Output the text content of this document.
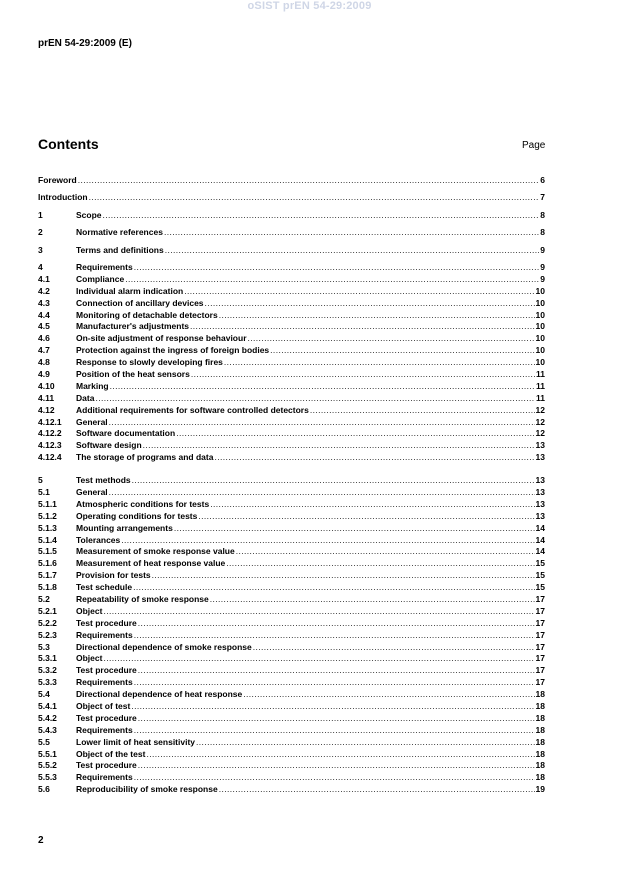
oSIST prEN 54-29:2009
prEN 54-29:2009 (E)
Contents	Page
Foreword .....	6
Introduction .....	7
1	Scope .....	8
2	Normative references .....	8
3	Terms and definitions .....	9
4	Requirements .....	9
4.1	Compliance .....	9
4.2	Individual alarm indication .....	10
4.3	Connection of ancillary devices .....	10
4.4	Monitoring of detachable detectors .....	10
4.5	Manufacturer's adjustments .....	10
4.6	On-site adjustment of response behaviour .....	10
4.7	Protection against the ingress of foreign bodies .....	10
4.8	Response to slowly developing fires .....	10
4.9	Position of the heat sensors .....	11
4.10	Marking .....	11
4.11	Data .....	11
4.12	Additional requirements for software controlled detectors .....	12
4.12.1	General .....	12
4.12.2	Software documentation .....	12
4.12.3	Software design .....	13
4.12.4	The storage of programs and data .....	13
5	Test methods .....	13
5.1	General .....	13
5.1.1	Atmospheric conditions for tests .....	13
5.1.2	Operating conditions for tests .....	13
5.1.3	Mounting arrangements .....	14
5.1.4	Tolerances .....	14
5.1.5	Measurement of smoke response value .....	14
5.1.6	Measurement of heat response value .....	15
5.1.7	Provision for tests .....	15
5.1.8	Test schedule .....	15
5.2	Repeatability of smoke response .....	17
5.2.1	Object .....	17
5.2.2	Test procedure .....	17
5.2.3	Requirements .....	17
5.3	Directional dependence of smoke response .....	17
5.3.1	Object .....	17
5.3.2	Test procedure .....	17
5.3.3	Requirements .....	17
5.4	Directional dependence of heat response .....	18
5.4.1	Object of test .....	18
5.4.2	Test procedure .....	18
5.4.3	Requirements .....	18
5.5	Lower limit of heat sensitivity .....	18
5.5.1	Object of the test .....	18
5.5.2	Test procedure .....	18
5.5.3	Requirements .....	18
5.6	Reproducibility of smoke response .....	19
2
